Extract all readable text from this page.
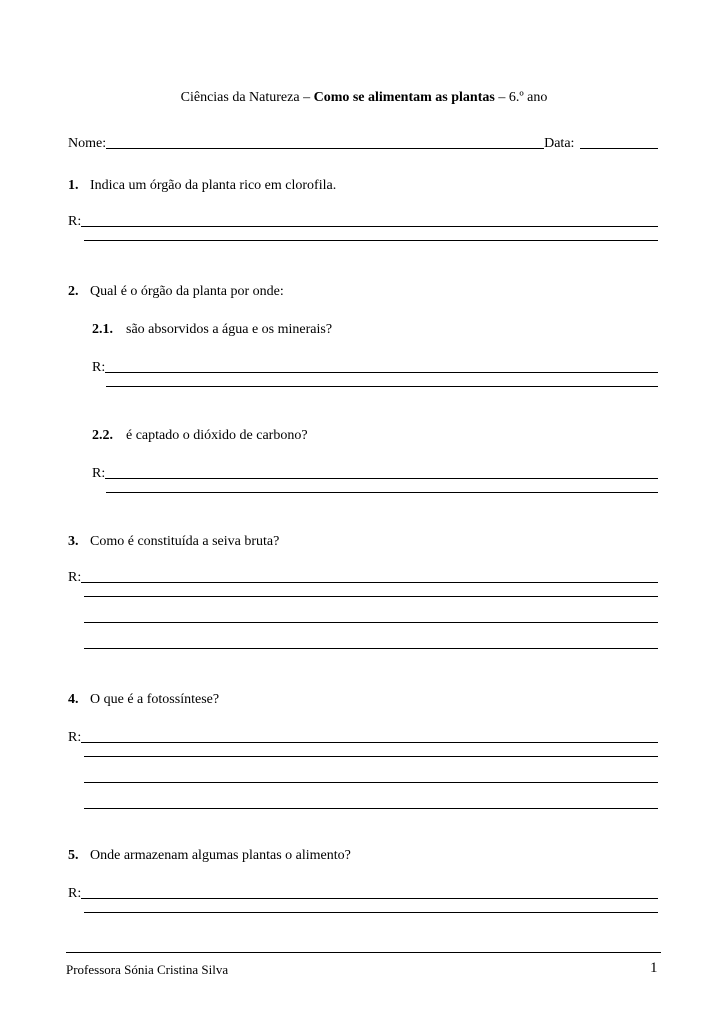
Ciências da Natureza – Como se alimentam as plantas – 6.º ano
Nome:	Data:
1. Indica um órgão da planta rico em clorofila.
R:
2. Qual é o órgão da planta por onde:
2.1. são absorvidos a água e os minerais?
R:
2.2. é captado o dióxido de carbono?
R:
3. Como é constituída a seiva bruta?
R:
4. O que é a fotossíntese?
R:
5. Onde armazenam algumas plantas o alimento?
R:
Professora Sónia Cristina Silva	1
